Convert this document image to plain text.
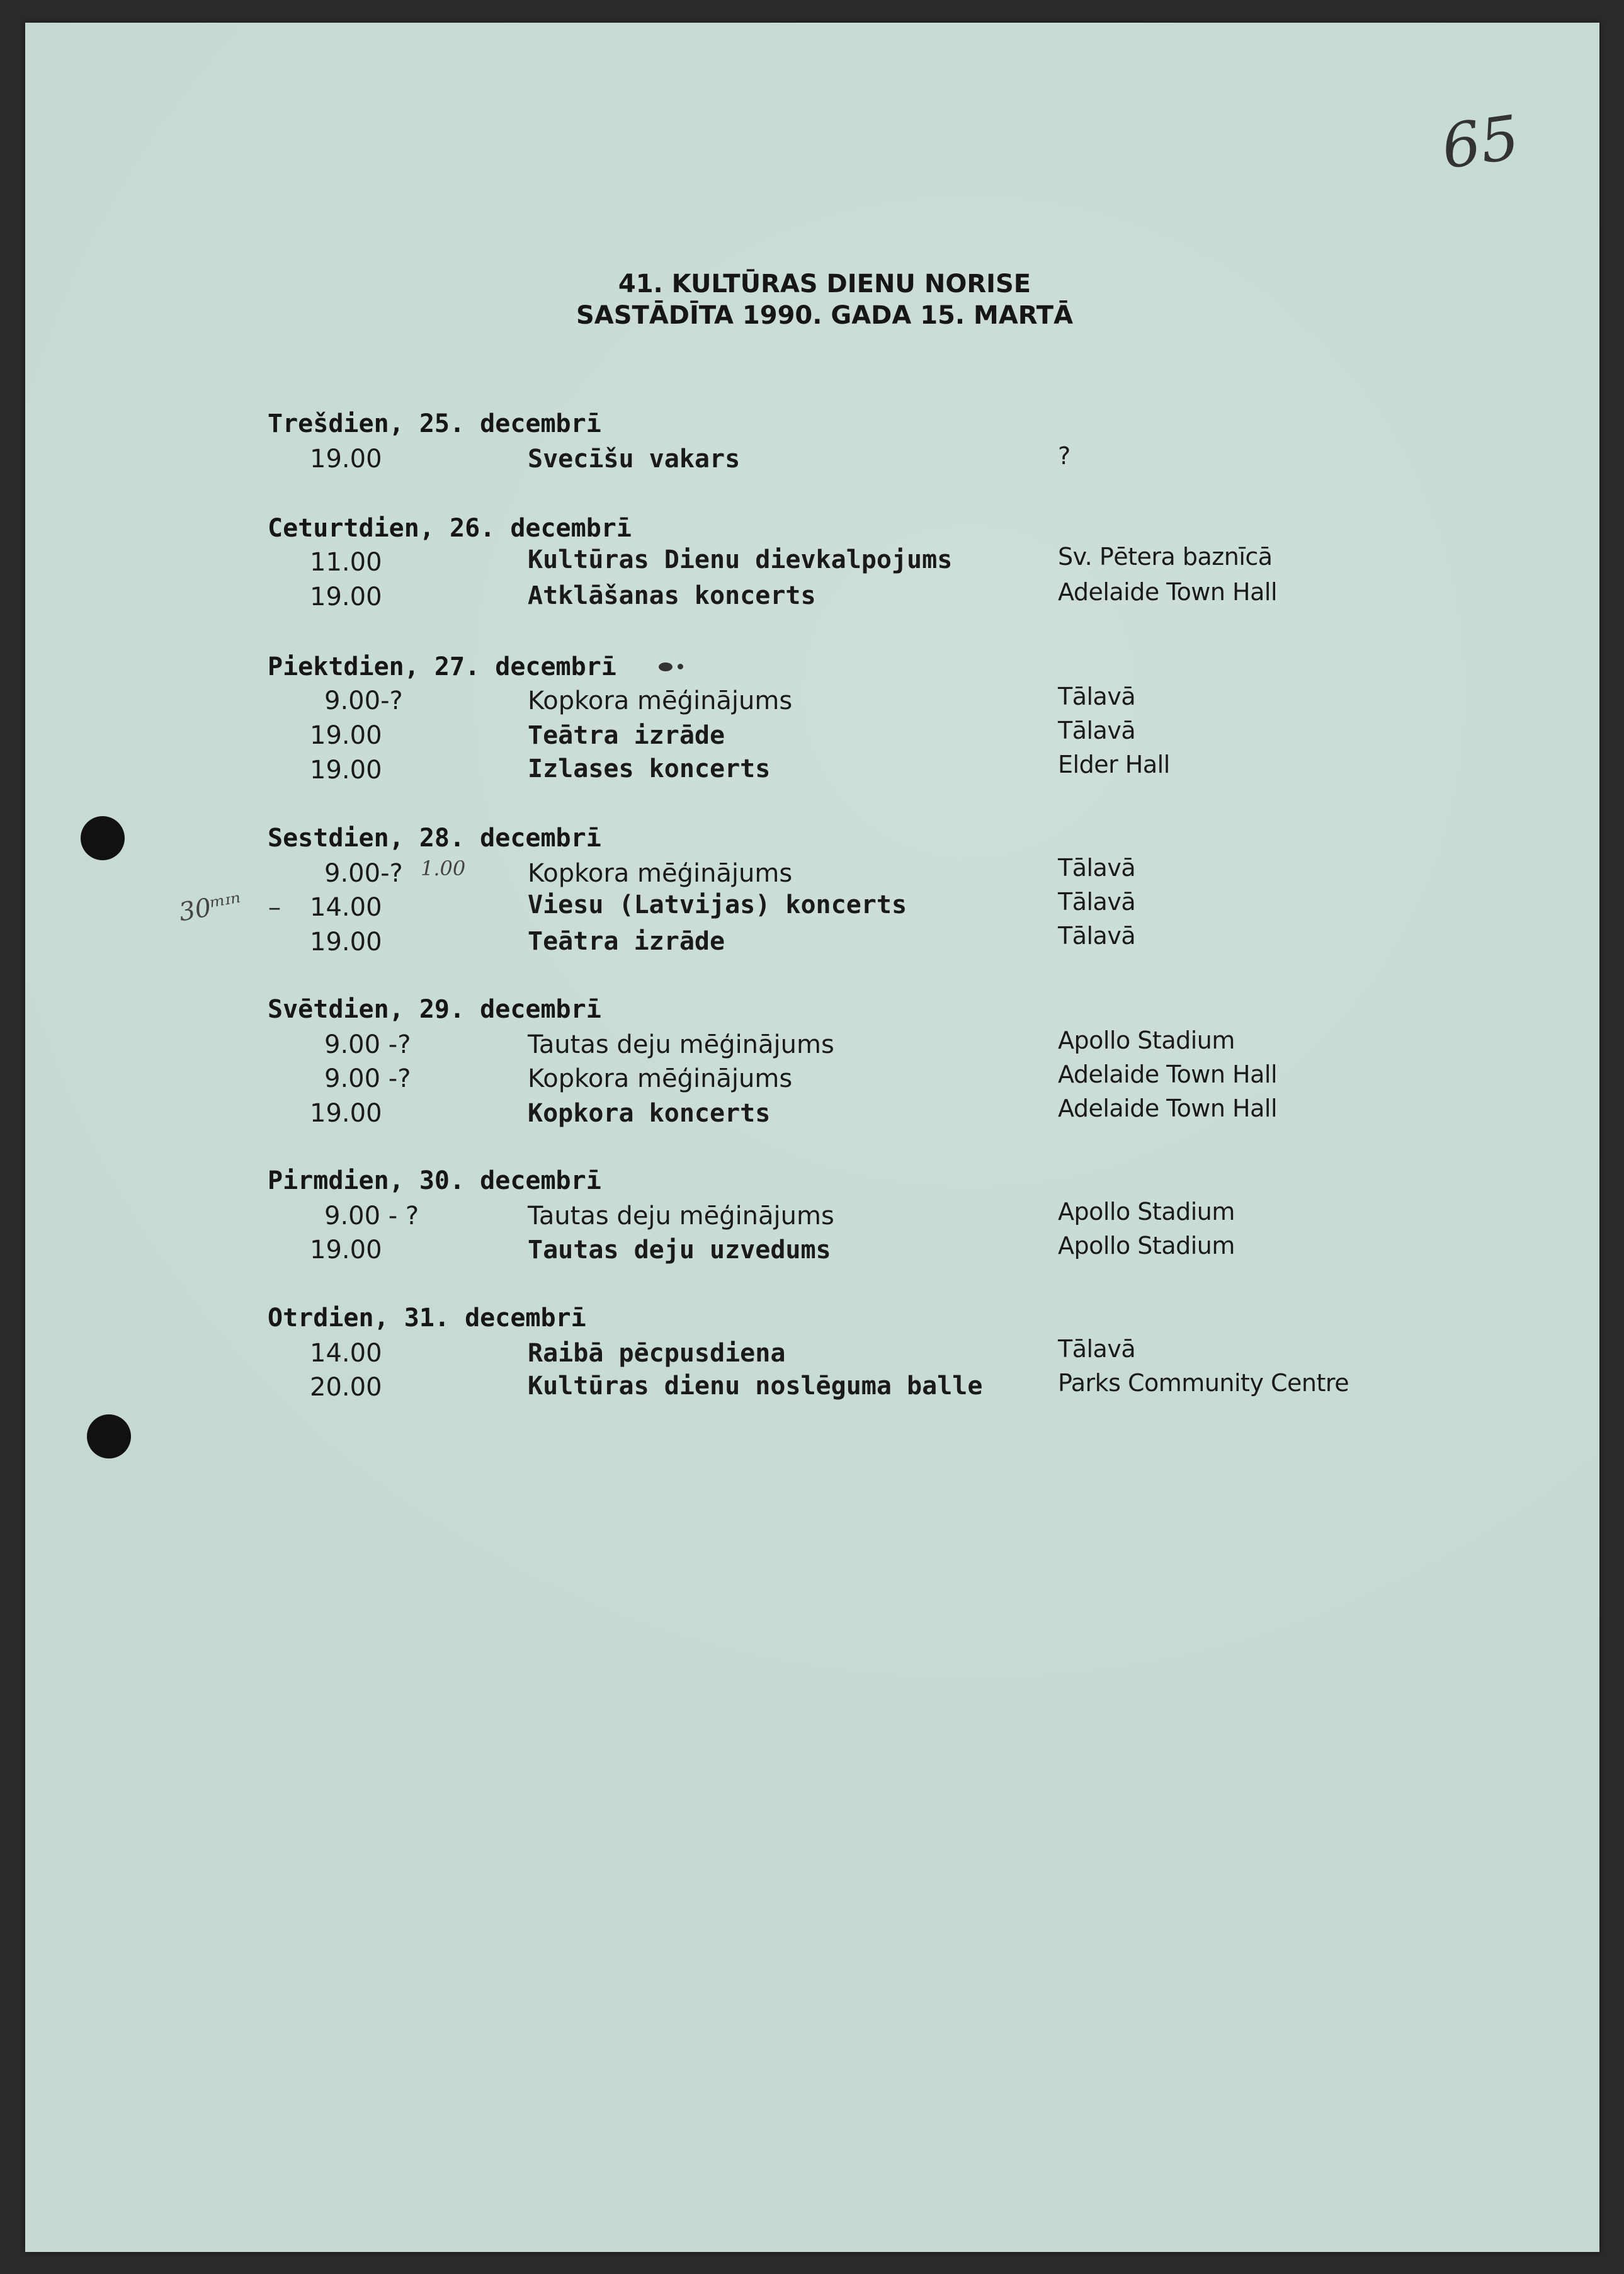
65
41. KULTŪRAS DIENU NORISE
SASTĀDĪTA 1990. GADA 15. MARTĀ
Trešdien, 25. decembrī
19.00	Svecīšu vakars	?
Ceturtdien, 26. decembrī
11.00	Kultūras Dienu dievkalpojums	Sv. Pētera baznīcā
19.00	Atklāšanas koncerts	Adelaide Town Hall
Piektdien, 27. decembrī
9.00-?	Kopkora mēģinājums	Tālavā
19.00	Teātra izrāde	Tālavā
19.00	Izlases koncerts	Elder Hall
Sestdien, 28. decembrī
9.00-? 1.00 Kopkora mēģinājums	Tālavā
30ᵐᶦⁿ – 14.00	Viesu (Latvijas) koncerts	Tālavā
19.00	Teātra izrāde	Tālavā
Svētdien, 29. decembrī
9.00 -?	Tautas deju mēģinājums	Apollo Stadium
9.00 -?	Kopkora mēģinājums	Adelaide Town Hall
19.00	Kopkora koncerts	Adelaide Town Hall
Pirmdien, 30. decembrī
9.00 - ?	Tautas deju mēģinājums	Apollo Stadium
19.00	Tautas deju uzvedums	Apollo Stadium
Otrdien, 31. decembrī
14.00	Raibā pēcpusdiena	Tālavā
20.00	Kultūras dienu noslēguma balle	Parks Community Centre
